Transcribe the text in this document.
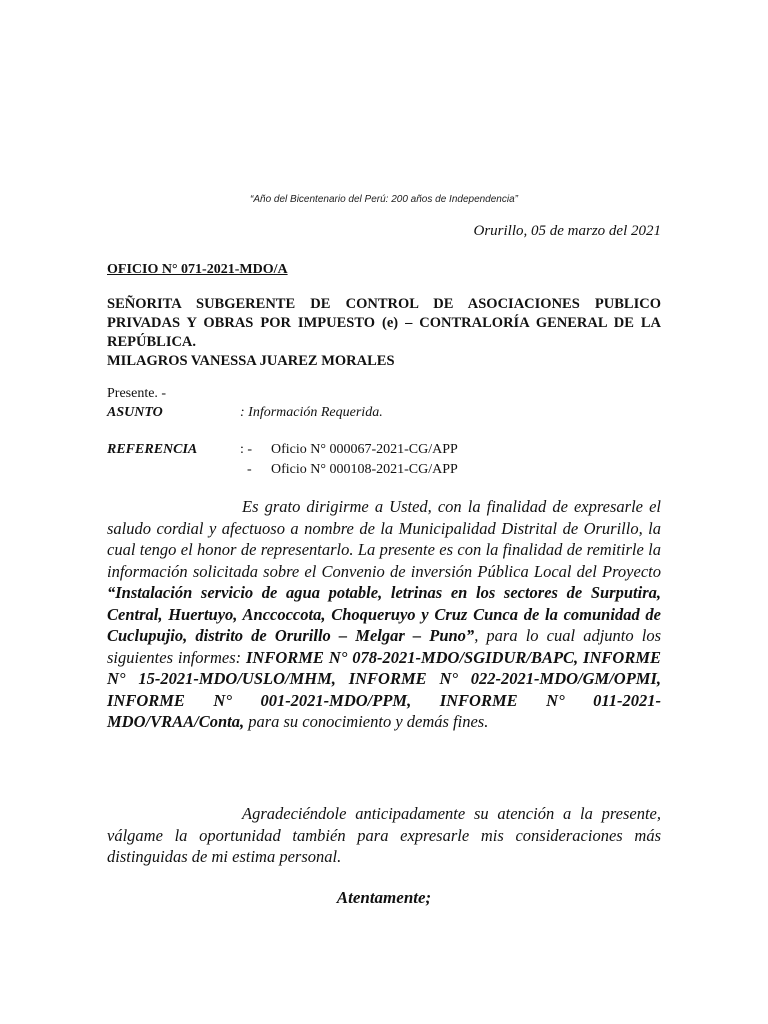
“Año del Bicentenario del Perú: 200 años de Independencia”
Orurillo, 05 de marzo del 2021
OFICIO N° 071-2021-MDO/A
SEÑORITA SUBGERENTE DE CONTROL DE ASOCIACIONES PUBLICO PRIVADAS Y OBRAS POR IMPUESTO (e) – CONTRALORÍA GENERAL DE LA REPÚBLICA.
MILAGROS VANESSA JUAREZ MORALES
Presente. -
ASUNTO	: Información Requerida.
REFERENCIA	: - Oficio N° 000067-2021-CG/APP
- Oficio N° 000108-2021-CG/APP

Es grato dirigirme a Usted, con la finalidad de expresarle el saludo cordial y afectuoso a nombre de la Municipalidad Distrital de Orurillo, la cual tengo el honor de representarlo. La presente es con la finalidad de remitirle la información solicitada sobre el Convenio de inversión Pública Local del Proyecto “Instalación servicio de agua potable, letrinas en los sectores de Surputira, Central, Huertuyo, Anccoccota, Choqueruyo y Cruz Cunca de la comunidad de Cuclupujio, distrito de Orurillo – Melgar – Puno”, para lo cual adjunto los siguientes informes: INFORME N° 078-2021-MDO/SGIDUR/BAPC, INFORME N° 15-2021-MDO/USLO/MHM, INFORME N° 022-2021-MDO/GM/OPMI, INFORME N° 001-2021-MDO/PPM, INFORME N° 011-2021-MDO/VRAA/Conta, para su conocimiento y demás fines.

Agradeciéndole anticipadamente su atención a la presente, válgame la oportunidad también para expresarle mis consideraciones más distinguidas de mi estima personal.

Atentamente;
